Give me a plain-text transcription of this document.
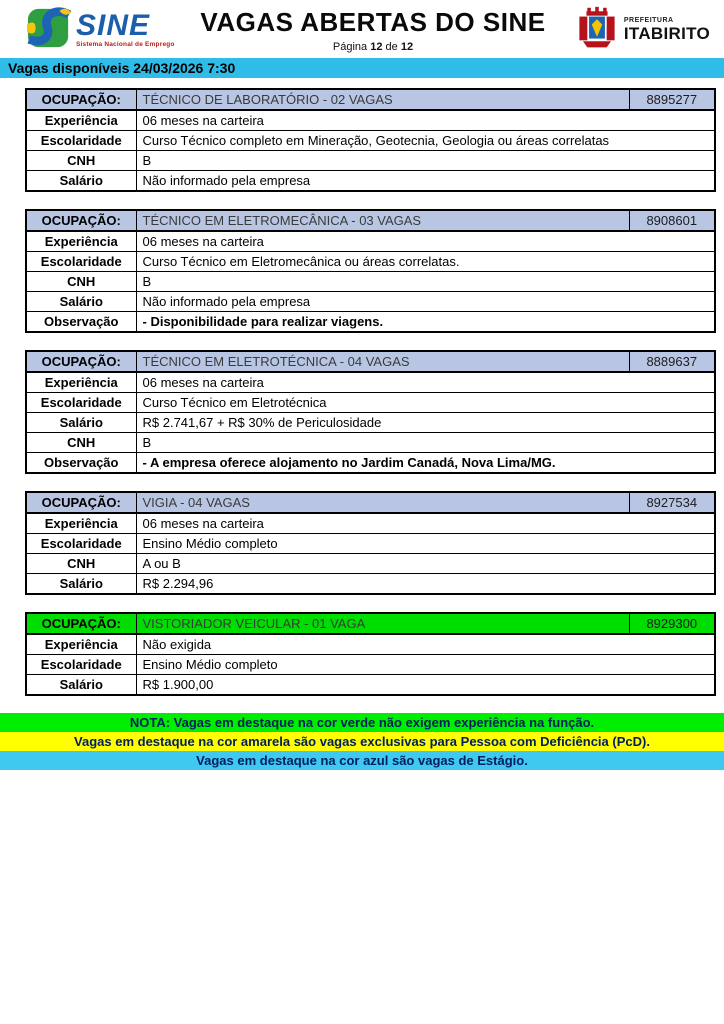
SINE
Sistema Nacional de Emprego
VAGAS ABERTAS DO SINE
Página 12 de 12
PREFEITURA
ITABIRITO
Vagas disponíveis 24/03/2026 7:30
OCUPAÇÃO:	TÉCNICO DE LABORATÓRIO - 02 VAGAS	8895277
Experiência	06 meses na carteira	
Escolaridade	Curso Técnico completo em Mineração, Geotecnia, Geologia ou áreas correlatas	
CNH	B	
Salário	Não informado pela empresa	
OCUPAÇÃO:	TÉCNICO EM ELETROMECÂNICA - 03 VAGAS	8908601
Experiência	06 meses na carteira	
Escolaridade	Curso Técnico em Eletromecânica ou áreas correlatas.	
CNH	B	
Salário	Não informado pela empresa	
Observação	- Disponibilidade para realizar viagens.	
OCUPAÇÃO:	TÉCNICO EM ELETROTÉCNICA - 04 VAGAS	8889637
Experiência	06 meses na carteira	
Escolaridade	Curso Técnico em Eletrotécnica	
Salário	R$ 2.741,67 + R$ 30% de Periculosidade	
CNH	B	
Observação	- A empresa oferece alojamento no Jardim Canadá, Nova Lima/MG.	
OCUPAÇÃO:	VIGIA - 04 VAGAS	8927534
Experiência	06 meses na carteira	
Escolaridade	Ensino Médio completo	
CNH	A ou B	
Salário	R$ 2.294,96	
OCUPAÇÃO:	VISTORIADOR VEICULAR - 01 VAGA	8929300
Experiência	Não exigida	
Escolaridade	Ensino Médio completo	
Salário	R$ 1.900,00	
NOTA: Vagas em destaque na cor verde não exigem experiência na função.
Vagas em destaque na cor amarela são vagas exclusivas para Pessoa com Deficiência (PcD).
Vagas em destaque na cor azul são vagas de Estágio.
